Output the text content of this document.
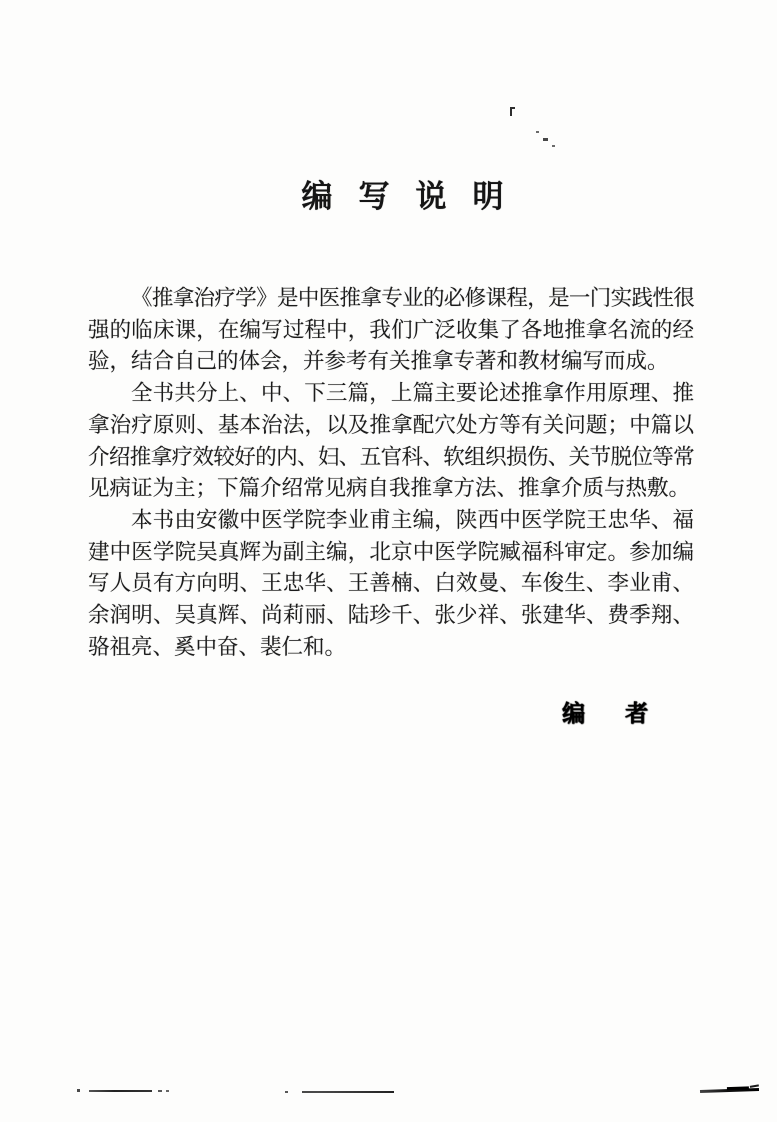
编写说明
《推拿治疗学》是中医推拿专业的必修课程，是一门实践性很
强的临床课，在编写过程中，我们广泛收集了各地推拿名流的经
验，结合自己的体会，并参考有关推拿专著和教材编写而成。
全书共分上、中、下三篇，上篇主要论述推拿作用原理、推
拿治疗原则、基本治法，以及推拿配穴处方等有关问题；中篇以
介绍推拿疗效较好的内、妇、五官科、软组织损伤、关节脱位等常
见病证为主；下篇介绍常见病自我推拿方法、推拿介质与热敷。
本书由安徽中医学院李业甫主编，陕西中医学院王忠华、福
建中医学院吴真辉为副主编，北京中医学院臧福科审定。参加编
写人员有方向明、王忠华、王善楠、白效曼、车俊生、李业甫、
余润明、吴真辉、尚莉丽、陆珍千、张少祥、张建华、费季翔、
骆祖亮、奚中奋、裴仁和。
编 者
